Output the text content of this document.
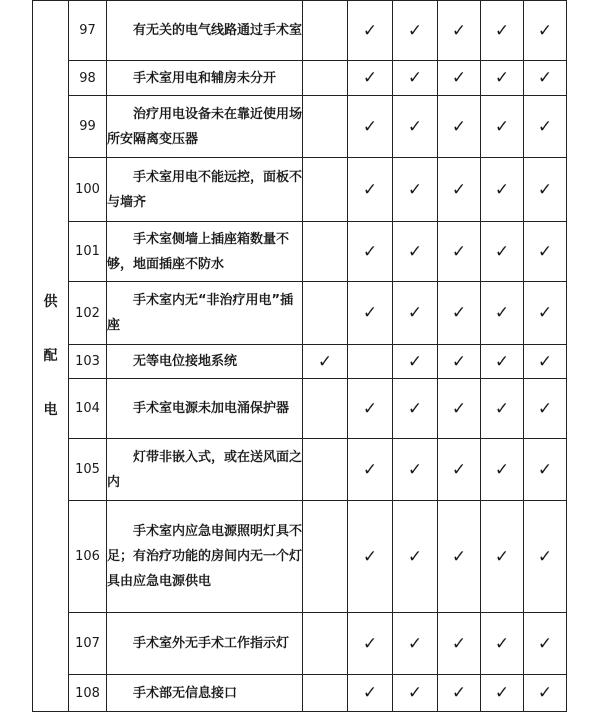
供配电	97	有无关的电气线路通过手术室		✓	✓	✓	✓	✓
	98	手术室用电和辅房未分开		✓	✓	✓	✓	✓
	99	治疗用电设备未在靠近使用场所安隔离变压器		✓	✓	✓	✓	✓
	100	手术室用电不能远控，面板不与墙齐		✓	✓	✓	✓	✓
	101	手术室侧墙上插座箱数量不够，地面插座不防水		✓	✓	✓	✓	✓
	102	手术室内无“非治疗用电”插座		✓	✓	✓	✓	✓
	103	无等电位接地系统	✓		✓	✓	✓	✓
	104	手术室电源未加电涌保护器		✓	✓	✓	✓	✓
	105	灯带非嵌入式，或在送风面之内		✓	✓	✓	✓	✓
	106	手术室内应急电源照明灯具不足；有治疗功能的房间内无一个灯具由应急电源供电		✓	✓	✓	✓	✓
	107	手术室外无手术工作指示灯		✓	✓	✓	✓	✓
	108	手术部无信息接口		✓	✓	✓	✓	✓
